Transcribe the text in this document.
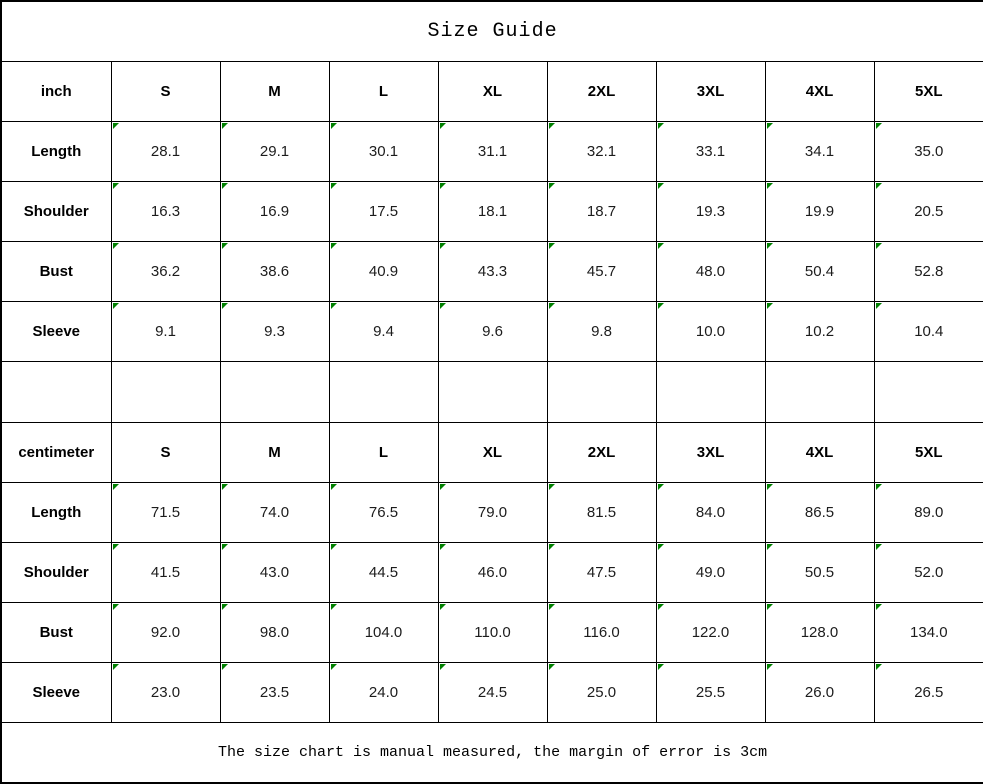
Size Guide								
inch	S	M	L	XL	2XL	3XL	4XL	5XL
Length	28.1	29.1	30.1	31.1	32.1	33.1	34.1	35.0
Shoulder	16.3	16.9	17.5	18.1	18.7	19.3	19.9	20.5
Bust	36.2	38.6	40.9	43.3	45.7	48.0	50.4	52.8
Sleeve	9.1	9.3	9.4	9.6	9.8	10.0	10.2	10.4

centimeter	S	M	L	XL	2XL	3XL	4XL	5XL
Length	71.5	74.0	76.5	79.0	81.5	84.0	86.5	89.0
Shoulder	41.5	43.0	44.5	46.0	47.5	49.0	50.5	52.0
Bust	92.0	98.0	104.0	110.0	116.0	122.0	128.0	134.0
Sleeve	23.0	23.5	24.0	24.5	25.0	25.5	26.0	26.5
The size chart is manual measured, the margin of error is 3cm								
